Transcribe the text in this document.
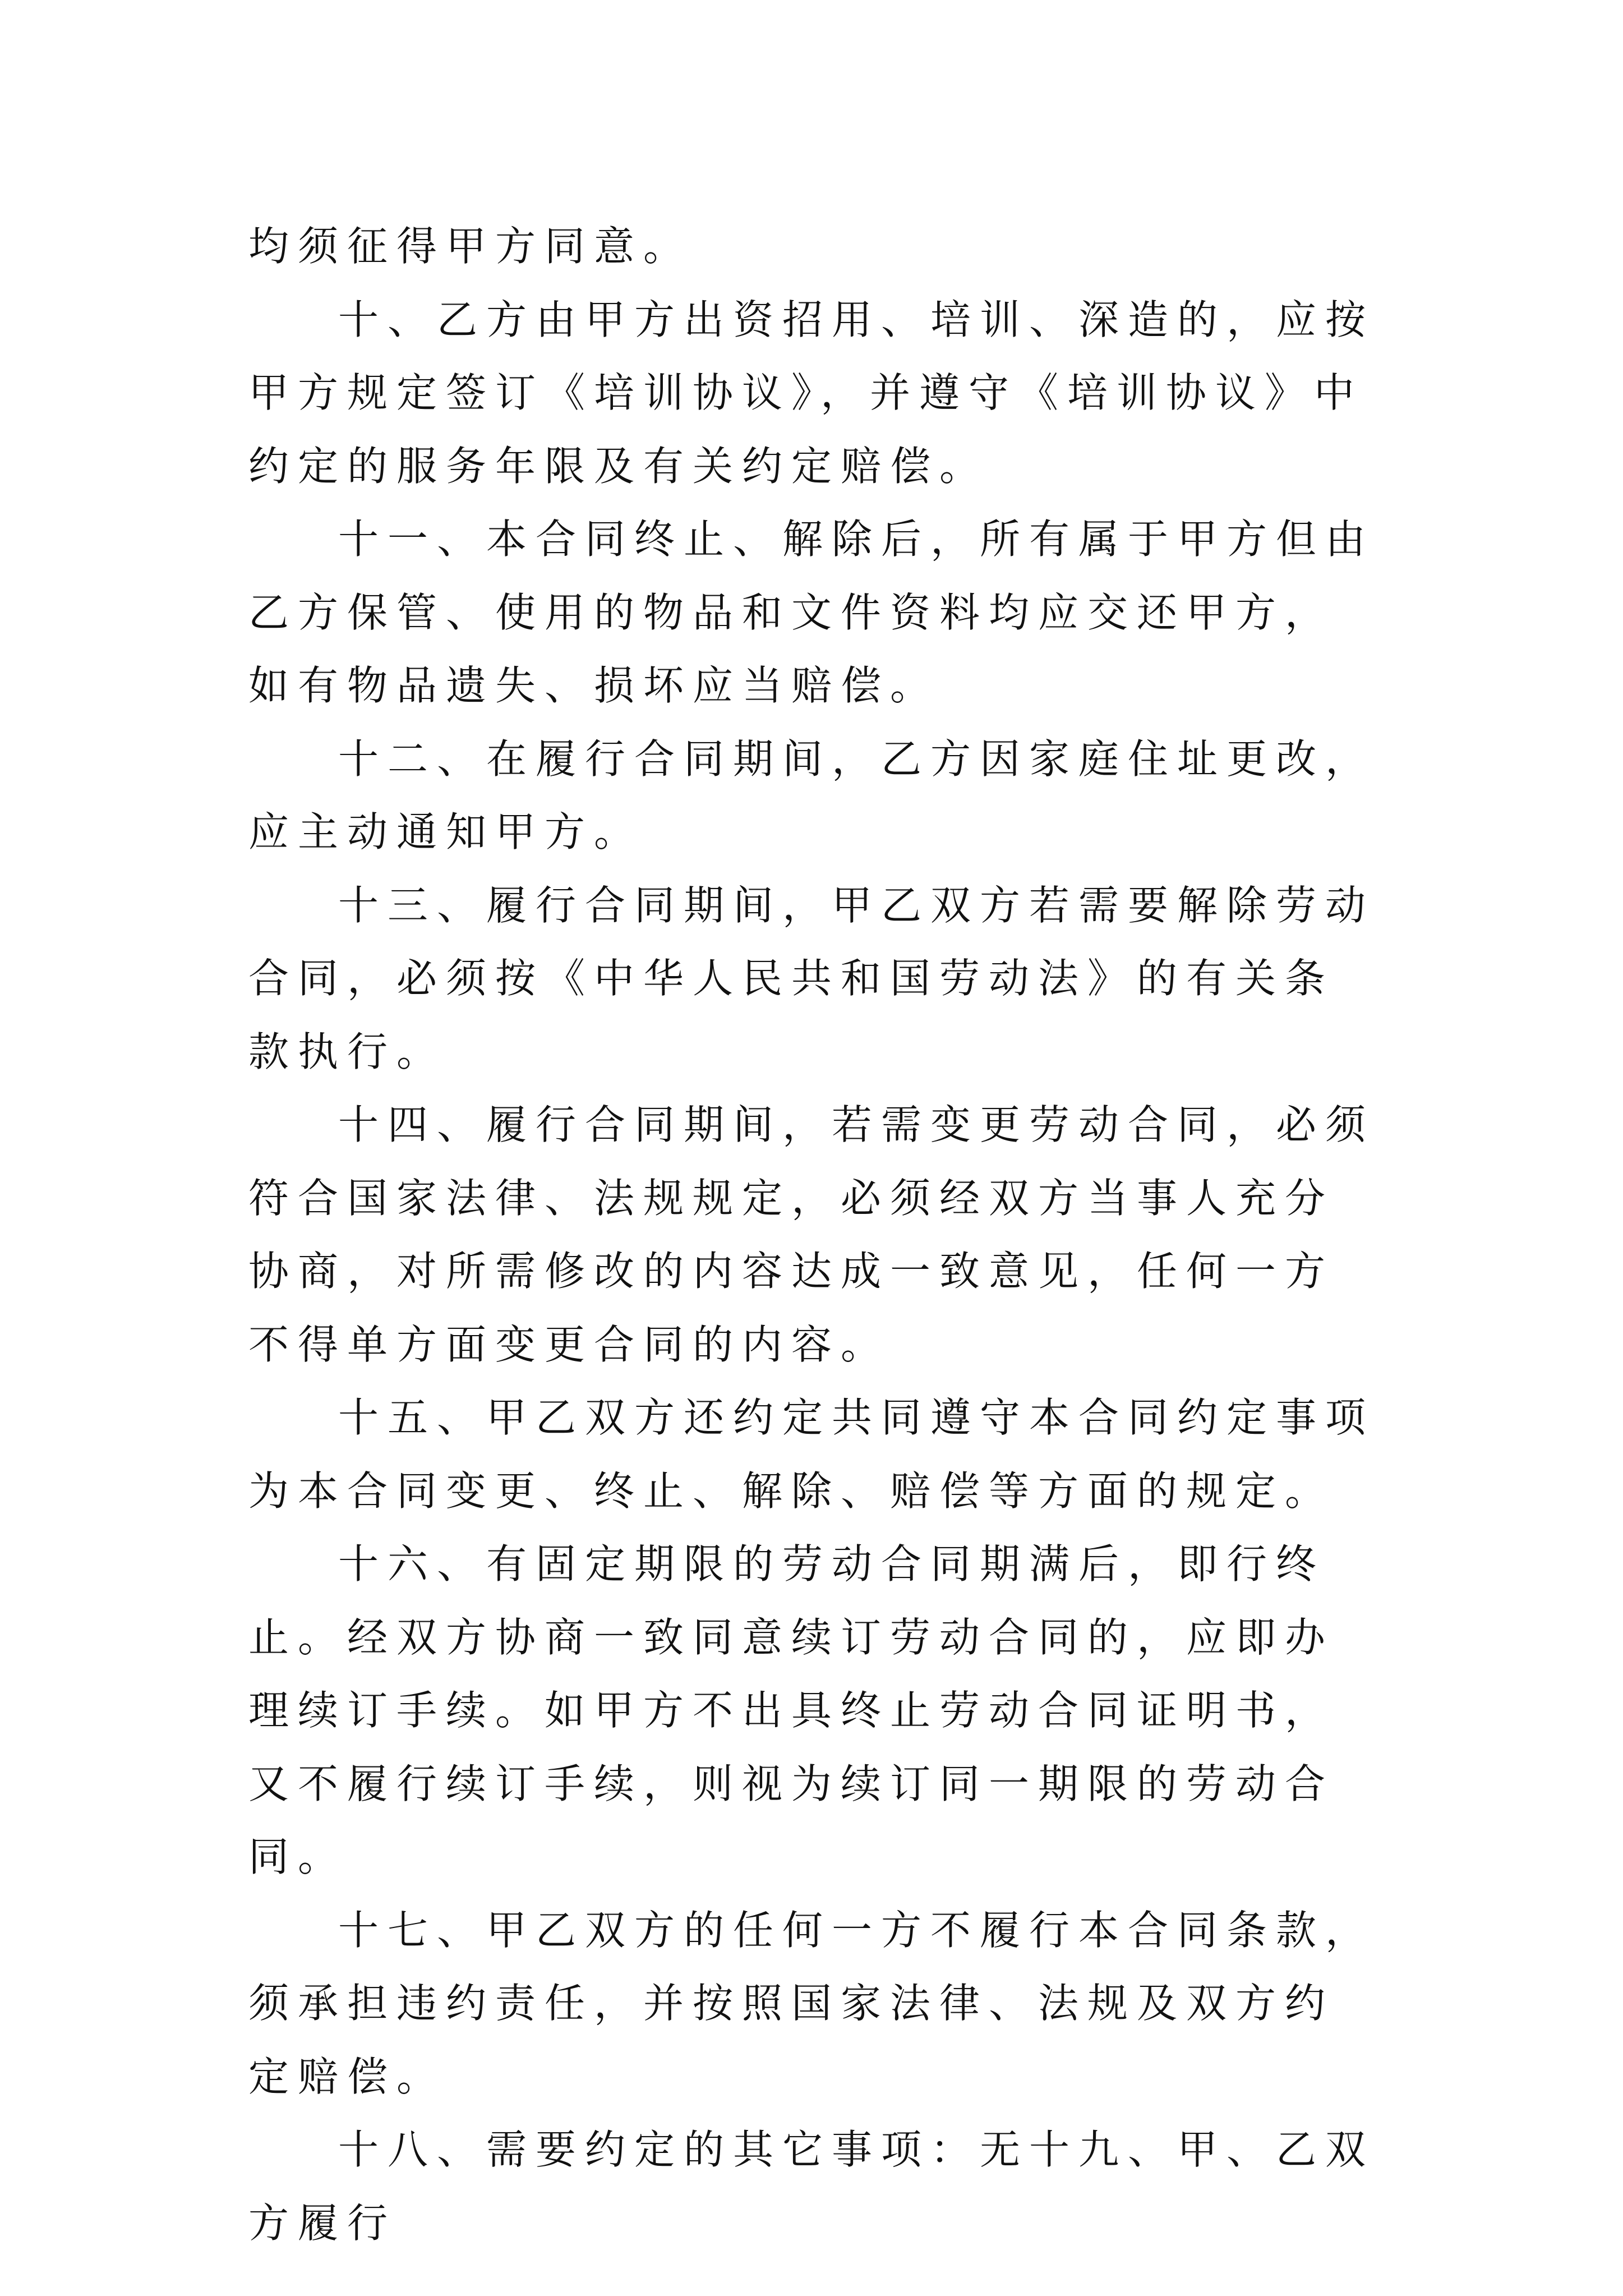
均须征得甲方同意。

十、乙方由甲方出资招用、培训、深造的，应按甲方规定签订《培训协议》，并遵守《培训协议》中约定的服务年限及有关约定赔偿。

十一、本合同终止、解除后，所有属于甲方但由乙方保管、使用的物品和文件资料均应交还甲方，如有物品遗失、损坏应当赔偿。

十二、在履行合同期间，乙方因家庭住址更改，应主动通知甲方。

十三、履行合同期间，甲乙双方若需要解除劳动合同，必须按《中华人民共和国劳动法》的有关条款执行。

十四、履行合同期间，若需变更劳动合同，必须符合国家法律、法规规定，必须经双方当事人充分协商，对所需修改的内容达成一致意见，任何一方不得单方面变更合同的内容。

十五、甲乙双方还约定共同遵守本合同约定事项为本合同变更、终止、解除、赔偿等方面的规定。

十六、有固定期限的劳动合同期满后，即行终止。经双方协商一致同意续订劳动合同的，应即办理续订手续。如甲方不出具终止劳动合同证明书，又不履行续订手续，则视为续订同一期限的劳动合同。

十七、甲乙双方的任何一方不履行本合同条款，须承担违约责任，并按照国家法律、法规及双方约定赔偿。

十八、需要约定的其它事项：无十九、甲、乙双方履行
